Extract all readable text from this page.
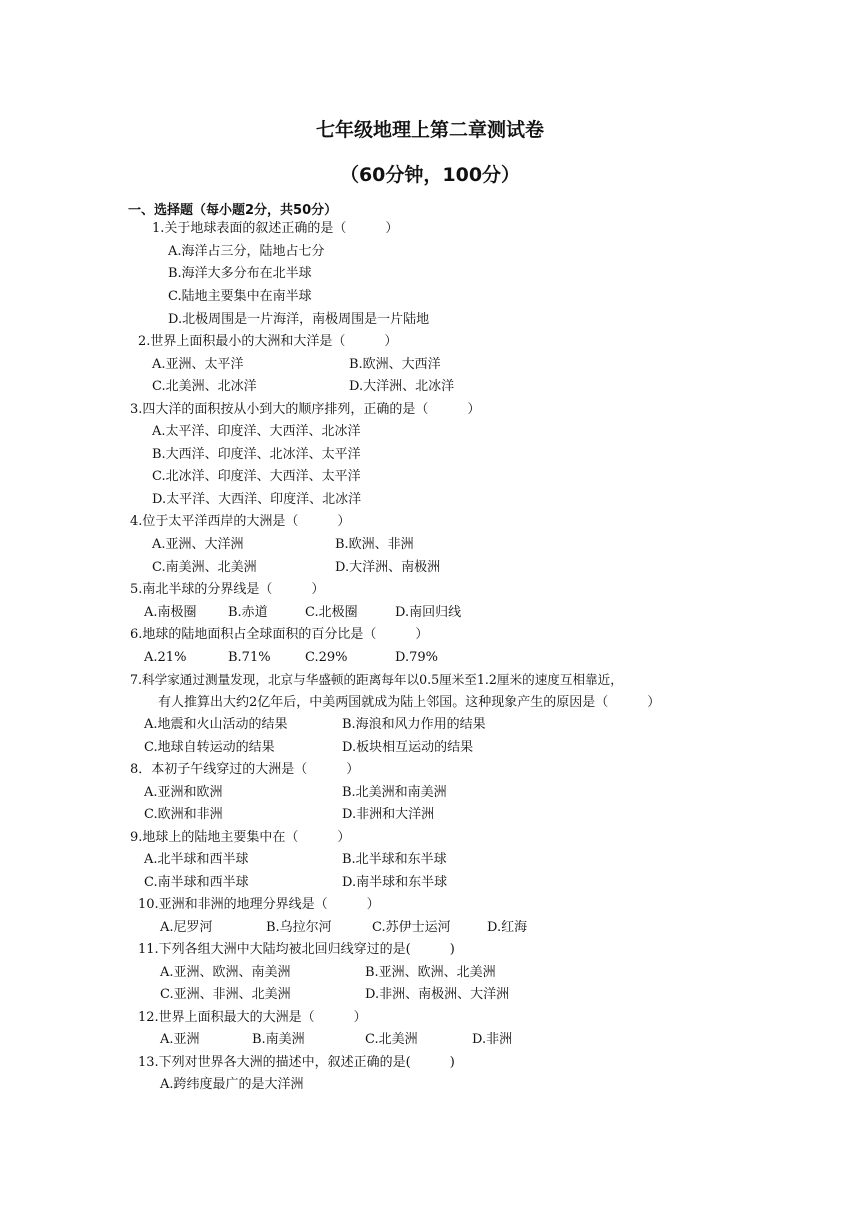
七年级地理上第二章测试卷
（60分钟，100分）
一、选择题（每小题2分，共50分）
1.关于地球表面的叙述正确的是（　　　）
A.海洋占三分，陆地占七分
B.海洋大多分布在北半球
C.陆地主要集中在南半球
D.北极周围是一片海洋，南极周围是一片陆地
2.世界上面积最小的大洲和大洋是（　　　）
A.亚洲、太平洋	B.欧洲、大西洋
C.北美洲、北冰洋	D.大洋洲、北冰洋
3.四大洋的面积按从小到大的顺序排列，正确的是（　　　）
A.太平洋、印度洋、大西洋、北冰洋
B.大西洋、印度洋、北冰洋、太平洋
C.北冰洋、印度洋、大西洋、太平洋
D.太平洋、大西洋、印度洋、北冰洋
4.位于太平洋西岸的大洲是（　　　）
A.亚洲、大洋洲	B.欧洲、非洲
C.南美洲、北美洲	D.大洋洲、南极洲
5.南北半球的分界线是（　　　）
A.南极圈 B.赤道	C.北极圈	D.南回归线
6.地球的陆地面积占全球面积的百分比是（　　　）
A.21%	B.71%	C.29%	D.79%
7.科学家通过测量发现，北京与华盛顿的距离每年以0.5厘米至1.2厘米的速度互相靠近，
有人推算出大约2亿年后，中美两国就成为陆上邻国。这种现象产生的原因是（　　　）
A.地震和火山活动的结果	B.海浪和风力作用的结果
C.地球自转运动的结果	D.板块相互运动的结果
8．本初子午线穿过的大洲是（　　　）
A.亚洲和欧洲	B.北美洲和南美洲
C.欧洲和非洲	D.非洲和大洋洲
9.地球上的陆地主要集中在（　　　）
A.北半球和西半球	B.北半球和东半球
C.南半球和西半球	D.南半球和东半球
10.亚洲和非洲的地理分界线是（　　　）
A.尼罗河	B.乌拉尔河	C.苏伊士运河	D.红海
11.下列各组大洲中大陆均被北回归线穿过的是(　　　)
A.亚洲、欧洲、南美洲	B.亚洲、欧洲、北美洲
C.亚洲、非洲、北美洲	D.非洲、南极洲、大洋洲
12.世界上面积最大的大洲是（　　　）
A.亚洲	B.南美洲	C.北美洲	D.非洲
13.下列对世界各大洲的描述中，叙述正确的是(　　　)
A.跨纬度最广的是大洋洲
